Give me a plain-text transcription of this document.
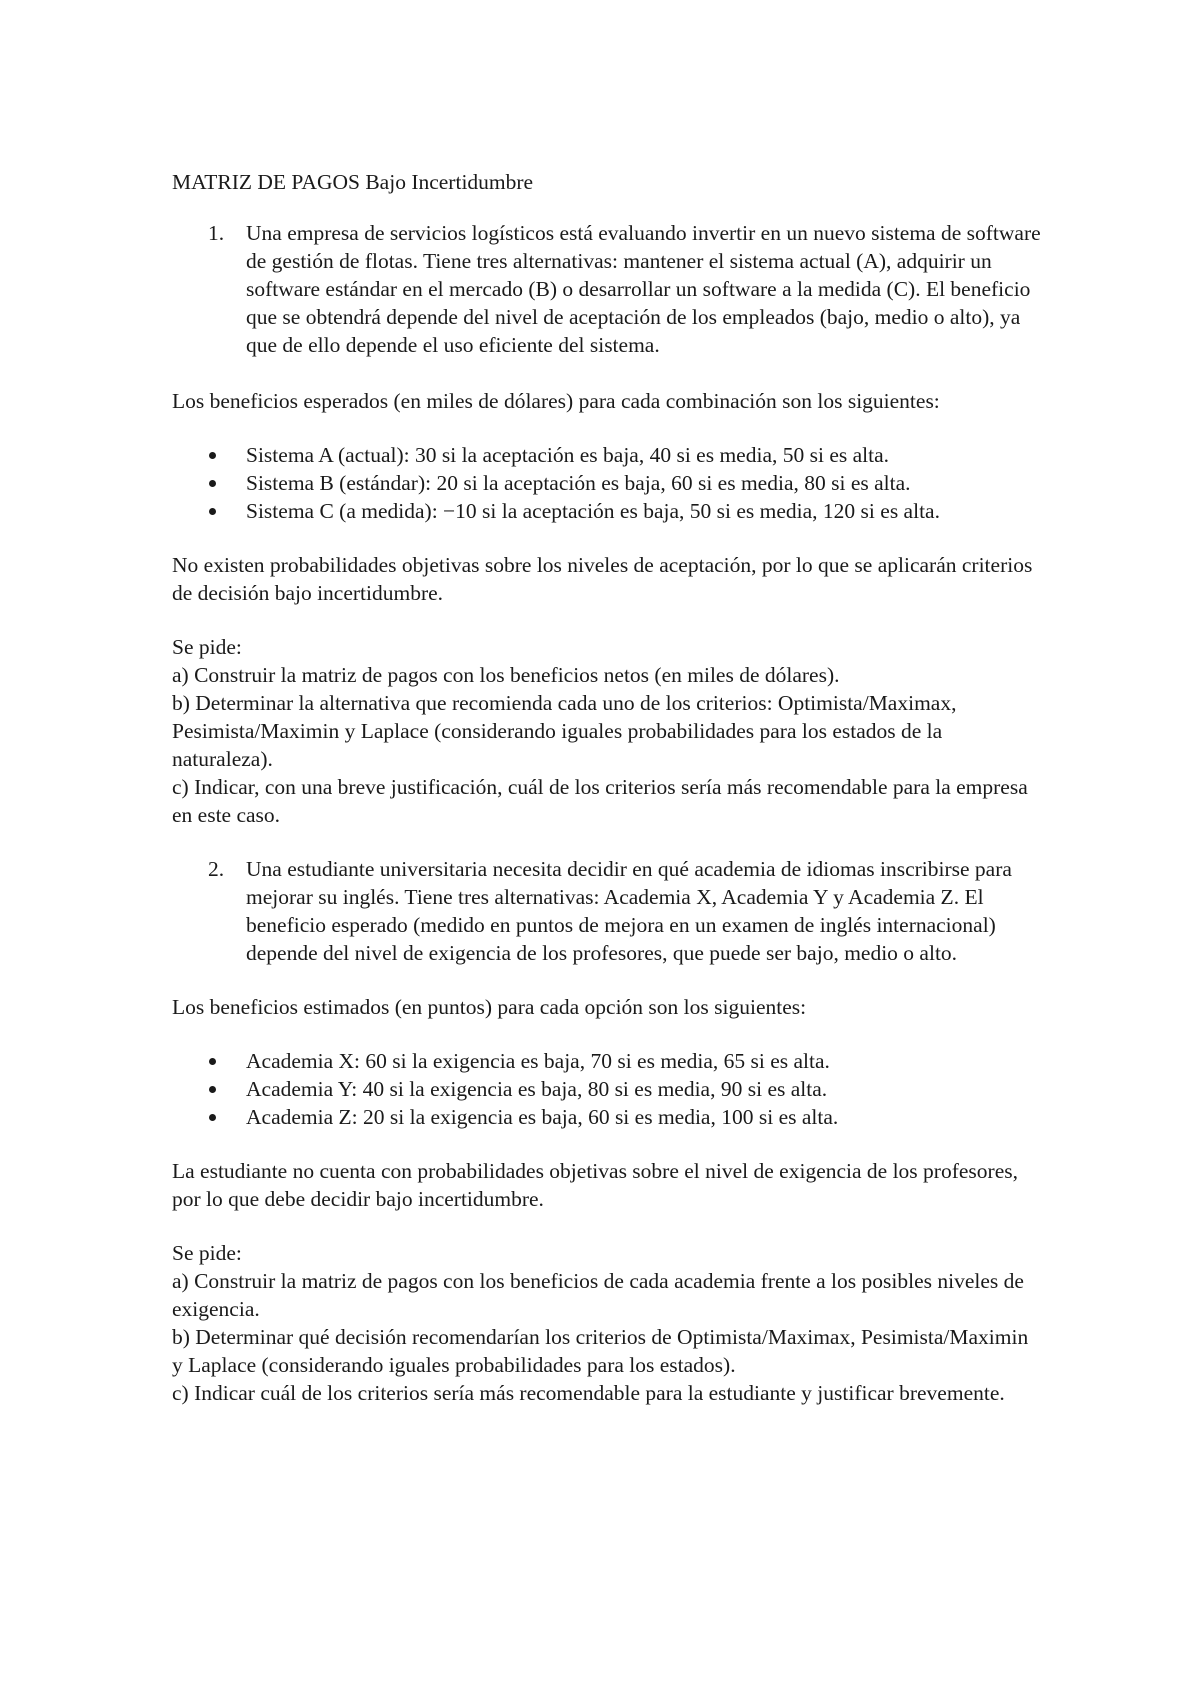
MATRIZ DE PAGOS Bajo Incertidumbre

1. Una empresa de servicios logísticos está evaluando invertir en un nuevo sistema de software de gestión de flotas. Tiene tres alternativas: mantener el sistema actual (A), adquirir un software estándar en el mercado (B) o desarrollar un software a la medida (C). El beneficio que se obtendrá depende del nivel de aceptación de los empleados (bajo, medio o alto), ya que de ello depende el uso eficiente del sistema.

Los beneficios esperados (en miles de dólares) para cada combinación son los siguientes:

Sistema A (actual): 30 si la aceptación es baja, 40 si es media, 50 si es alta.
Sistema B (estándar): 20 si la aceptación es baja, 60 si es media, 80 si es alta.
Sistema C (a medida): −10 si la aceptación es baja, 50 si es media, 120 si es alta.

No existen probabilidades objetivas sobre los niveles de aceptación, por lo que se aplicarán criterios de decisión bajo incertidumbre.

Se pide:

a) Construir la matriz de pagos con los beneficios netos (en miles de dólares).

b) Determinar la alternativa que recomienda cada uno de los criterios: Optimista/Maximax, Pesimista/Maximin y Laplace (considerando iguales probabilidades para los estados de la naturaleza).

c) Indicar, con una breve justificación, cuál de los criterios sería más recomendable para la empresa en este caso.

2. Una estudiante universitaria necesita decidir en qué academia de idiomas inscribirse para mejorar su inglés. Tiene tres alternativas: Academia X, Academia Y y Academia Z. El beneficio esperado (medido en puntos de mejora en un examen de inglés internacional) depende del nivel de exigencia de los profesores, que puede ser bajo, medio o alto.

Los beneficios estimados (en puntos) para cada opción son los siguientes:

Academia X: 60 si la exigencia es baja, 70 si es media, 65 si es alta.
Academia Y: 40 si la exigencia es baja, 80 si es media, 90 si es alta.
Academia Z: 20 si la exigencia es baja, 60 si es media, 100 si es alta.

La estudiante no cuenta con probabilidades objetivas sobre el nivel de exigencia de los profesores, por lo que debe decidir bajo incertidumbre.

Se pide:

a) Construir la matriz de pagos con los beneficios de cada academia frente a los posibles niveles de exigencia.

b) Determinar qué decisión recomendarían los criterios de Optimista/Maximax, Pesimista/Maximin y Laplace (considerando iguales probabilidades para los estados).

c) Indicar cuál de los criterios sería más recomendable para la estudiante y justificar brevemente.
